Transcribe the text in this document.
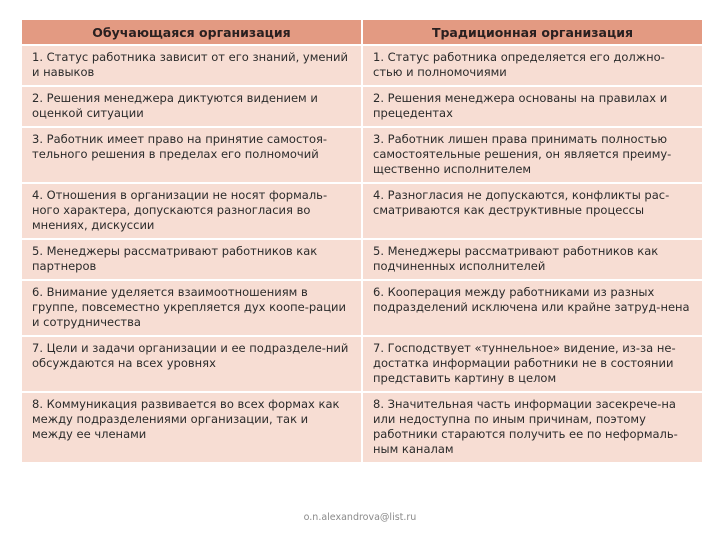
Обучающаяся организация	Традиционная организация
1. Статус работника зависит от его знаний, умений и навыков	1. Статус работника определяется его должно-стью и полномочиями
2. Решения менеджера диктуются видением и оценкой ситуации	2. Решения менеджера основаны на правилах и прецедентах
3. Работник имеет право на принятие самостоя-тельного решения в пределах его полномочий	3. Работник лишен права принимать полностью самостоятельные решения, он является преиму-щественно исполнителем
4. Отношения в организации не носят формаль-ного характера, допускаются разногласия во мнениях, дискуссии	4. Разногласия не допускаются, конфликты рас-сматриваются как деструктивные процессы
5. Менеджеры рассматривают работников как партнеров	5. Менеджеры рассматривают работников как подчиненных исполнителей
6. Внимание уделяется взаимоотношениям в группе, повсеместно укрепляется дух коопе-рации и сотрудничества	6. Кооперация между работниками из разных подразделений исключена или крайне затруд-нена
7. Цели и задачи организации и ее подразделе-ний обсуждаются на всех уровнях	7. Господствует «туннельное» видение, из-за не-достатка информации работники не в состоянии представить картину в целом
8. Коммуникация развивается во всех формах как между подразделениями организации, так и между ее членами	8. Значительная часть информации засекрече-на или недоступна по иным причинам, поэтому работники стараются получить ее по неформаль-ным каналам
o.n.alexandrova@list.ru
